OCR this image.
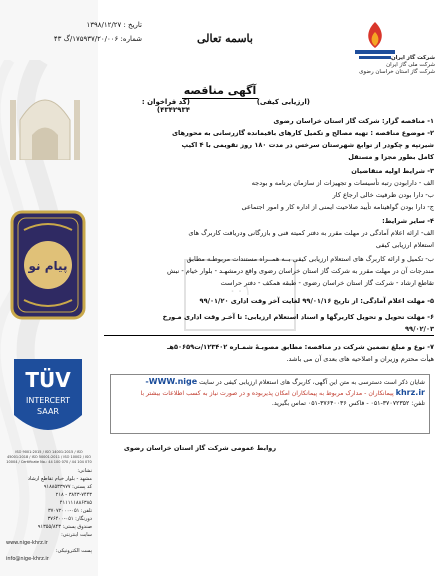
پیام نو
TÜV
INTERCERT
SAAR
ISO 9001:2015 / ISO 14001:2015 / ISO 45001:2018 / ISO 50001:2011 / ISO 10002 / ISO 10004 / Certificate No.: 44 100 070 / 44 104 070
نشانی:
مشهد - بلوار خیام تقاطع ارشاد
کد پستی: ۹۱۸۸۵۳۳۹۷۷
۳۸۴۳-۷۴۴۳ - ۲۱۸
۴۱۱۱۱۱۸۸۶۳۸۵
تلفن: ۰۵۱-۳۷۰۷۲۰۰۰
دورنگار: ۰۵۱-۳۷۶۴۰۰
صندوق پستی: ۹۱۳۵۵/۸۴۳
سایت اینترنتی:
www.nige-khrz.ir
پست الکترونیکی:
info@nige-khrz.ir
تاریخ : ۱۳۹۸/۱۲/۲۷
شماره: ۱۷۵۹۳۷/۲۰/۰۰۶/گ ۴۳	باسمه تعالی
شرکت گاز ایران
شرکت ملی گاز ایران
شرکت گاز استان خراسان رضوی
آگهی مناقصه
(ارزیابی کیفی)
(کد فراخوان : ۴۳۴۲۹۳۴)
۰۰۱
۱- مناقصه گزار: شرکت گاز استان خراسان رضوی
۲- موضوع مناقصه : تهیه مصالح و تکمیل کارهای باقیمانده گازرسانی به محورهای
شیرتپه و چکودر از توابع شهرستان سرخس در مدت ۱۸۰ روز تقویمی با ۴ اکیپ
کامل بطور مجزا و مستقل
۳- شرایط اولیه متقاضیان
الف - دارابودن رتبه تأسیسات و تجهیزات از سازمان برنامه و بودجه
ب- دارا بودن ظرفیت خالی ارجاع کار
ج- دارا بودن گواهینامه تأیید صلاحیت ایمنی از اداره کار و امور اجتماعی
۴- سایر شرایط:
الف- ارائه اعلام آمادگی در مهلت مقرر به دفتر کمیته فنی و بازرگانی ودریافت کاربرگ های
استعلام ارزیابی کیفی
ب- تکمیل و ارائه کاربرگ های استعلام ارزیابی کیفی بــه همــراه مستندات مربوطـه مطابق
مندرجات آن در مهلت مقرر به شرکت گاز استان خراسان رضوی واقع درمشهـد - بلوار خیام - نبش
تقاطع ارشاد - شرکت گاز استان خراسان رضوی - طبقه همکف - دفتر حراست
۵- مهلت اعلام آمادگی: از تاریخ ۹۹/۰۱/۱۶ لغایت آخر وقت اداری ۹۹/۰۱/۲۰
۶- مهلت تحویل و تحویل کاربرگها و اسناد استعلام ارزیابی: تا آخـر وقت اداری مـورخ
۹۹/۰۲/۰۳
۷- نوع و مبلغ تضمین شرکت در مناقصه: مطابق مصوبـۀ شمـاره ۱۲۳۴۰۲/ت۵۰۶۵۹هـ
هیأت محترم وزیران و اصلاحیه های بعدی آن می باشد.
شایان ذکر است دسترسی به متن این آگهی، کاربرگ های استعلام ارزیابی کیفی در سایت WWW.nige-
khrz.ir پیمانکاران - مدارک مربوط به پیمانکاران امکان پذیربوده و در صورت نیاز به کسب اطلاعات بیشتر با
تلفن: ۳۷۰۷۲۳۵۲-۰۵۱ - فاکس ۳۷۶۴۰۰۳۶-۰۵۱ تماس بگیرید.
روابط عمومی شرکت گاز استان خراسان رضوی
